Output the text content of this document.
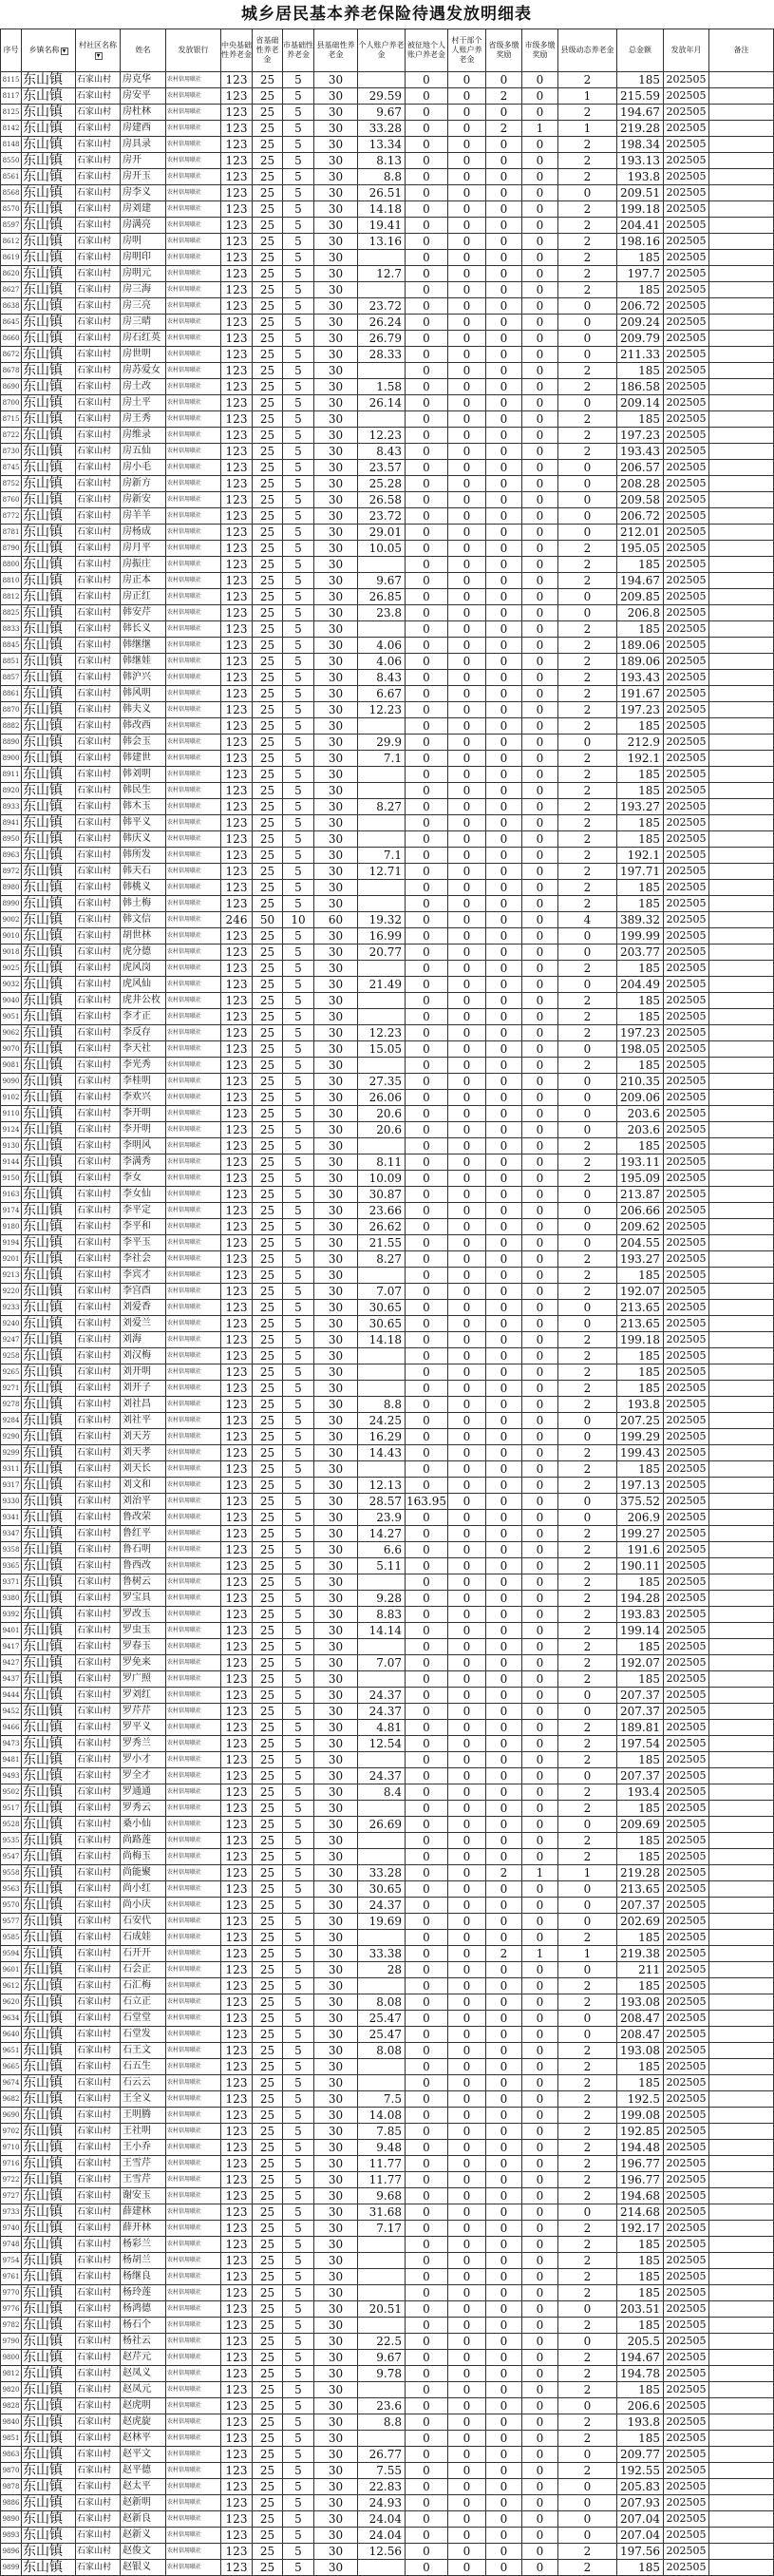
城乡居民基本养老保险待遇发放明细表
序号	乡镇名称 ▼	村社区名称▼	姓名	发放银行	中央基础性养老金	省基础性养老金	市基础性养老金	县基础性养老金	个人账户养老金	被征地个人账户养老金	村干部个人账户养老金	省级多缴奖励	市级多缴奖励	县级动态养老金	总金额	发放年月	备注
8115	东山镇	石家山村	房克华	农村信用联社	123	25	5	30		0	0	0	0	2	185	202505	
8117	东山镇	石家山村	房安平	农村信用联社	123	25	5	30	29.59	0	0	2	0	1	215.59	202505	
8125	东山镇	石家山村	房杜林	农村信用联社	123	25	5	30	9.67	0	0	0	0	2	194.67	202505	
8142	东山镇	石家山村	房建西	农村信用联社	123	25	5	30	33.28	0	0	2	1	1	219.28	202505	
8148	东山镇	石家山村	房具录	农村信用联社	123	25	5	30	13.34	0	0	0	0	2	198.34	202505	
8550	东山镇	石家山村	房开	农村信用联社	123	25	5	30	8.13	0	0	0	0	2	193.13	202505	
8561	东山镇	石家山村	房开玉	农村信用联社	123	25	5	30	8.8	0	0	0	0	2	193.8	202505	
8568	东山镇	石家山村	房李义	农村信用联社	123	25	5	30	26.51	0	0	0	0	0	209.51	202505	
8570	东山镇	石家山村	房刘建	农村信用联社	123	25	5	30	14.18	0	0	0	0	2	199.18	202505	
8597	东山镇	石家山村	房满亮	农村信用联社	123	25	5	30	19.41	0	0	0	0	2	204.41	202505	
8612	东山镇	石家山村	房明	农村信用联社	123	25	5	30	13.16	0	0	0	0	2	198.16	202505	
8619	东山镇	石家山村	房明印	农村信用联社	123	25	5	30		0	0	0	0	2	185	202505	
8620	东山镇	石家山村	房明元	农村信用联社	123	25	5	30	12.7	0	0	0	0	2	197.7	202505	
8627	东山镇	石家山村	房三海	农村信用联社	123	25	5	30		0	0	0	0	2	185	202505	
8638	东山镇	石家山村	房三亮	农村信用联社	123	25	5	30	23.72	0	0	0	0	0	206.72	202505	
8645	东山镇	石家山村	房三晴	农村信用联社	123	25	5	30	26.24	0	0	0	0	0	209.24	202505	
8660	东山镇	石家山村	房石红英	农村信用联社	123	25	5	30	26.79	0	0	0	0	0	209.79	202505	
8672	东山镇	石家山村	房世明	农村信用联社	123	25	5	30	28.33	0	0	0	0	0	211.33	202505	
8678	东山镇	石家山村	房苏爱女	农村信用联社	123	25	5	30		0	0	0	0	2	185	202505	
8690	东山镇	石家山村	房土改	农村信用联社	123	25	5	30	1.58	0	0	0	0	2	186.58	202505	
8700	东山镇	石家山村	房土平	农村信用联社	123	25	5	30	26.14	0	0	0	0	0	209.14	202505	
8715	东山镇	石家山村	房王秀	农村信用联社	123	25	5	30		0	0	0	0	2	185	202505	
8722	东山镇	石家山村	房维录	农村信用联社	123	25	5	30	12.23	0	0	0	0	2	197.23	202505	
8730	东山镇	石家山村	房五仙	农村信用联社	123	25	5	30	8.43	0	0	0	0	2	193.43	202505	
8745	东山镇	石家山村	房小毛	农村信用联社	123	25	5	30	23.57	0	0	0	0	0	206.57	202505	
8752	东山镇	石家山村	房新方	农村信用联社	123	25	5	30	25.28	0	0	0	0	0	208.28	202505	
8760	东山镇	石家山村	房新安	农村信用联社	123	25	5	30	26.58	0	0	0	0	0	209.58	202505	
8772	东山镇	石家山村	房羊羊	农村信用联社	123	25	5	30	23.72	0	0	0	0	0	206.72	202505	
8781	东山镇	石家山村	房杨成	农村信用联社	123	25	5	30	29.01	0	0	0	0	0	212.01	202505	
8790	东山镇	石家山村	房月平	农村信用联社	123	25	5	30	10.05	0	0	0	0	2	195.05	202505	
8800	东山镇	石家山村	房振庄	农村信用联社	123	25	5	30		0	0	0	0	2	185	202505	
8810	东山镇	石家山村	房正本	农村信用联社	123	25	5	30	9.67	0	0	0	0	2	194.67	202505	
8812	东山镇	石家山村	房正红	农村信用联社	123	25	5	30	26.85	0	0	0	0	0	209.85	202505	
8825	东山镇	石家山村	韩安芹	农村信用联社	123	25	5	30	23.8	0	0	0	0	0	206.8	202505	
8833	东山镇	石家山村	韩长义	农村信用联社	123	25	5	30		0	0	0	0	2	185	202505	
8845	东山镇	石家山村	韩继继	农村信用联社	123	25	5	30	4.06	0	0	0	0	2	189.06	202505	
8851	东山镇	石家山村	韩继娃	农村信用联社	123	25	5	30	4.06	0	0	0	0	2	189.06	202505	
8857	东山镇	石家山村	韩沪兴	农村信用联社	123	25	5	30	8.43	0	0	0	0	2	193.43	202505	
8861	东山镇	石家山村	韩风明	农村信用联社	123	25	5	30	6.67	0	0	0	0	2	191.67	202505	
8870	东山镇	石家山村	韩夫义	农村信用联社	123	25	5	30	12.23	0	0	0	0	2	197.23	202505	
8882	东山镇	石家山村	韩改西	农村信用联社	123	25	5	30		0	0	0	0	2	185	202505	
8890	东山镇	石家山村	韩会玉	农村信用联社	123	25	5	30	29.9	0	0	0	0	0	212.9	202505	
8900	东山镇	石家山村	韩建世	农村信用联社	123	25	5	30	7.1	0	0	0	0	2	192.1	202505	
8911	东山镇	石家山村	韩刘明	农村信用联社	123	25	5	30		0	0	0	0	2	185	202505	
8920	东山镇	石家山村	韩民生	农村信用联社	123	25	5	30		0	0	0	0	2	185	202505	
8933	东山镇	石家山村	韩木玉	农村信用联社	123	25	5	30	8.27	0	0	0	0	2	193.27	202505	
8941	东山镇	石家山村	韩平义	农村信用联社	123	25	5	30		0	0	0	0	2	185	202505	
8950	东山镇	石家山村	韩庆义	农村信用联社	123	25	5	30		0	0	0	0	2	185	202505	
8963	东山镇	石家山村	韩所发	农村信用联社	123	25	5	30	7.1	0	0	0	0	2	192.1	202505	
8972	东山镇	石家山村	韩天石	农村信用联社	123	25	5	30	12.71	0	0	0	0	2	197.71	202505	
8980	东山镇	石家山村	韩桃义	农村信用联社	123	25	5	30		0	0	0	0	2	185	202505	
8990	东山镇	石家山村	韩土梅	农村信用联社	123	25	5	30		0	0	0	0	2	185	202505	
9002	东山镇	石家山村	韩文信	农村信用联社	246	50	10	60	19.32	0	0	0	0	4	389.32	202505	
9010	东山镇	石家山村	胡世林	农村信用联社	123	25	5	30	16.99	0	0	0	0	0	199.99	202505	
9018	东山镇	石家山村	虎分德	农村信用联社	123	25	5	30	20.77	0	0	0	0	0	203.77	202505	
9025	东山镇	石家山村	虎风岗	农村信用联社	123	25	5	30		0	0	0	0	2	185	202505	
9032	东山镇	石家山村	虎风仙	农村信用联社	123	25	5	30	21.49	0	0	0	0	0	204.49	202505	
9040	东山镇	石家山村	虎井公枚	农村信用联社	123	25	5	30		0	0	0	0	2	185	202505	
9051	东山镇	石家山村	李才正	农村信用联社	123	25	5	30		0	0	0	0	2	185	202505	
9062	东山镇	石家山村	李反存	农村信用联社	123	25	5	30	12.23	0	0	0	0	2	197.23	202505	
9070	东山镇	石家山村	李天社	农村信用联社	123	25	5	30	15.05	0	0	0	0	0	198.05	202505	
9081	东山镇	石家山村	李光秀	农村信用联社	123	25	5	30		0	0	0	0	2	185	202505	
9090	东山镇	石家山村	李桂明	农村信用联社	123	25	5	30	27.35	0	0	0	0	0	210.35	202505	
9102	东山镇	石家山村	李欢兴	农村信用联社	123	25	5	30	26.06	0	0	0	0	0	209.06	202505	
9110	东山镇	石家山村	李开明	农村信用联社	123	25	5	30	20.6	0	0	0	0	0	203.6	202505	
9124	东山镇	石家山村	李开明	农村信用联社	123	25	5	30	20.6	0	0	0	0	0	203.6	202505	
9130	东山镇	石家山村	李明风	农村信用联社	123	25	5	30		0	0	0	0	2	185	202505	
9144	东山镇	石家山村	李满秀	农村信用联社	123	25	5	30	8.11	0	0	0	0	2	193.11	202505	
9150	东山镇	石家山村	李女	农村信用联社	123	25	5	30	10.09	0	0	0	0	2	195.09	202505	
9163	东山镇	石家山村	李女仙	农村信用联社	123	25	5	30	30.87	0	0	0	0	0	213.87	202505	
9174	东山镇	石家山村	李平定	农村信用联社	123	25	5	30	23.66	0	0	0	0	0	206.66	202505	
9180	东山镇	石家山村	李平和	农村信用联社	123	25	5	30	26.62	0	0	0	0	0	209.62	202505	
9194	东山镇	石家山村	李平玉	农村信用联社	123	25	5	30	21.55	0	0	0	0	0	204.55	202505	
9201	东山镇	石家山村	李社会	农村信用联社	123	25	5	30	8.27	0	0	0	0	2	193.27	202505	
9213	东山镇	石家山村	李宾才	农村信用联社	123	25	5	30		0	0	0	0	2	185	202505	
9220	东山镇	石家山村	李宫酉	农村信用联社	123	25	5	30	7.07	0	0	0	0	2	192.07	202505	
9233	东山镇	石家山村	刘爱香	农村信用联社	123	25	5	30	30.65	0	0	0	0	0	213.65	202505	
9240	东山镇	石家山村	刘爱兰	农村信用联社	123	25	5	30	30.65	0	0	0	0	0	213.65	202505	
9247	东山镇	石家山村	刘海	农村信用联社	123	25	5	30	14.18	0	0	0	0	2	199.18	202505	
9258	东山镇	石家山村	刘汉梅	农村信用联社	123	25	5	30		0	0	0	0	2	185	202505	
9265	东山镇	石家山村	刘开明	农村信用联社	123	25	5	30		0	0	0	0	2	185	202505	
9271	东山镇	石家山村	刘开子	农村信用联社	123	25	5	30		0	0	0	0	2	185	202505	
9278	东山镇	石家山村	刘社昌	农村信用联社	123	25	5	30	8.8	0	0	0	0	2	193.8	202505	
9284	东山镇	石家山村	刘社平	农村信用联社	123	25	5	30	24.25	0	0	0	0	0	207.25	202505	
9290	东山镇	石家山村	刘天芳	农村信用联社	123	25	5	30	16.29	0	0	0	0	0	199.29	202505	
9299	东山镇	石家山村	刘天孝	农村信用联社	123	25	5	30	14.43	0	0	0	0	2	199.43	202505	
9311	东山镇	石家山村	刘天长	农村信用联社	123	25	5	30		0	0	0	0	2	185	202505	
9317	东山镇	石家山村	刘文和	农村信用联社	123	25	5	30	12.13	0	0	0	0	2	197.13	202505	
9330	东山镇	石家山村	刘治平	农村信用联社	123	25	5	30	28.57	163.95	0	0	0	0	375.52	202505	
9341	东山镇	石家山村	鲁改荣	农村信用联社	123	25	5	30	23.9	0	0	0	0	0	206.9	202505	
9347	东山镇	石家山村	鲁红平	农村信用联社	123	25	5	30	14.27	0	0	0	0	2	199.27	202505	
9358	东山镇	石家山村	鲁石明	农村信用联社	123	25	5	30	6.6	0	0	0	0	2	191.6	202505	
9365	东山镇	石家山村	鲁西改	农村信用联社	123	25	5	30	5.11	0	0	0	0	2	190.11	202505	
9371	东山镇	石家山村	鲁树云	农村信用联社	123	25	5	30		0	0	0	0	2	185	202505	
9380	东山镇	石家山村	罗宝具	农村信用联社	123	25	5	30	9.28	0	0	0	0	2	194.28	202505	
9392	东山镇	石家山村	罗改玉	农村信用联社	123	25	5	30	8.83	0	0	0	0	2	193.83	202505	
9401	东山镇	石家山村	罗虫玉	农村信用联社	123	25	5	30	14.14	0	0	0	0	2	199.14	202505	
9417	东山镇	石家山村	罗春玉	农村信用联社	123	25	5	30		0	0	0	0	2	185	202505	
9427	东山镇	石家山村	罗免来	农村信用联社	123	25	5	30	7.07	0	0	0	0	2	192.07	202505	
9437	东山镇	石家山村	罗广照	农村信用联社	123	25	5	30		0	0	0	0	2	185	202505	
9444	东山镇	石家山村	罗刘红	农村信用联社	123	25	5	30	24.37	0	0	0	0	0	207.37	202505	
9452	东山镇	石家山村	罗芹芹	农村信用联社	123	25	5	30	24.37	0	0	0	0	0	207.37	202505	
9466	东山镇	石家山村	罗平义	农村信用联社	123	25	5	30	4.81	0	0	0	0	2	189.81	202505	
9473	东山镇	石家山村	罗秀兰	农村信用联社	123	25	5	30	12.54	0	0	0	0	2	197.54	202505	
9481	东山镇	石家山村	罗小才	农村信用联社	123	25	5	30		0	0	0	0	2	185	202505	
9493	东山镇	石家山村	罗全才	农村信用联社	123	25	5	30	24.37	0	0	0	0	0	207.37	202505	
9502	东山镇	石家山村	罗通通	农村信用联社	123	25	5	30	8.4	0	0	0	0	2	193.4	202505	
9517	东山镇	石家山村	罗秀云	农村信用联社	123	25	5	30		0	0	0	0	2	185	202505	
9528	东山镇	石家山村	桑小仙	农村信用联社	123	25	5	30	26.69	0	0	0	0	0	209.69	202505	
9535	东山镇	石家山村	尚路莲	农村信用联社	123	25	5	30		0	0	0	0	2	185	202505	
9547	东山镇	石家山村	尚梅玉	农村信用联社	123	25	5	30		0	0	0	0	2	185	202505	
9558	东山镇	石家山村	尚能聚	农村信用联社	123	25	5	30	33.28	0	0	2	1	1	219.28	202505	
9563	东山镇	石家山村	尚小红	农村信用联社	123	25	5	30	30.65	0	0	0	0	0	213.65	202505	
9570	东山镇	石家山村	尚小庆	农村信用联社	123	25	5	30	24.37	0	0	0	0	0	207.37	202505	
9577	东山镇	石家山村	石安代	农村信用联社	123	25	5	30	19.69	0	0	0	0	0	202.69	202505	
9585	东山镇	石家山村	石成娃	农村信用联社	123	25	5	30		0	0	0	0	2	185	202505	
9594	东山镇	石家山村	石开开	农村信用联社	123	25	5	30	33.38	0	0	2	1	1	219.38	202505	
9601	东山镇	石家山村	石会正	农村信用联社	123	25	5	30	28	0	0	0	0	0	211	202505	
9612	东山镇	石家山村	石汇梅	农村信用联社	123	25	5	30		0	0	0	0	2	185	202505	
9620	东山镇	石家山村	石立正	农村信用联社	123	25	5	30	8.08	0	0	0	0	2	193.08	202505	
9634	东山镇	石家山村	石堂堂	农村信用联社	123	25	5	30	25.47	0	0	0	0	0	208.47	202505	
9640	东山镇	石家山村	石堂发	农村信用联社	123	25	5	30	25.47	0	0	0	0	0	208.47	202505	
9651	东山镇	石家山村	石王文	农村信用联社	123	25	5	30	8.08	0	0	0	0	2	193.08	202505	
9665	东山镇	石家山村	石五生	农村信用联社	123	25	5	30		0	0	0	0	2	185	202505	
9674	东山镇	石家山村	石云云	农村信用联社	123	25	5	30		0	0	0	0	2	185	202505	
9682	东山镇	石家山村	王全义	农村信用联社	123	25	5	30	7.5	0	0	0	0	2	192.5	202505	
9690	东山镇	石家山村	王明腾	农村信用联社	123	25	5	30	14.08	0	0	0	0	2	199.08	202505	
9702	东山镇	石家山村	王社明	农村信用联社	123	25	5	30	7.85	0	0	0	0	2	192.85	202505	
9710	东山镇	石家山村	王小乔	农村信用联社	123	25	5	30	9.48	0	0	0	0	2	194.48	202505	
9716	东山镇	石家山村	王雪芹	农村信用联社	123	25	5	30	11.77	0	0	0	0	2	196.77	202505	
9722	东山镇	石家山村	王雪芹	农村信用联社	123	25	5	30	11.77	0	0	0	0	2	196.77	202505	
9727	东山镇	石家山村	谢安玉	农村信用联社	123	25	5	30	9.68	0	0	0	0	2	194.68	202505	
9733	东山镇	石家山村	薛建林	农村信用联社	123	25	5	30	31.68	0	0	0	0	0	214.68	202505	
9740	东山镇	石家山村	薛开林	农村信用联社	123	25	5	30	7.17	0	0	0	0	2	192.17	202505	
9748	东山镇	石家山村	杨彩兰	农村信用联社	123	25	5	30		0	0	0	0	2	185	202505	
9754	东山镇	石家山村	杨胡兰	农村信用联社	123	25	5	30		0	0	0	0	2	185	202505	
9761	东山镇	石家山村	杨继良	农村信用联社	123	25	5	30		0	0	0	0	2	185	202505	
9770	东山镇	石家山村	杨玲莲	农村信用联社	123	25	5	30		0	0	0	0	2	185	202505	
9776	东山镇	石家山村	杨鸿德	农村信用联社	123	25	5	30	20.51	0	0	0	0	0	203.51	202505	
9782	东山镇	石家山村	杨石个	农村信用联社	123	25	5	30		0	0	0	0	2	185	202505	
9790	东山镇	石家山村	杨社云	农村信用联社	123	25	5	30	22.5	0	0	0	0	0	205.5	202505	
9800	东山镇	石家山村	赵芹元	农村信用联社	123	25	5	30	9.67	0	0	0	0	2	194.67	202505	
9812	东山镇	石家山村	赵凤义	农村信用联社	123	25	5	30	9.78	0	0	0	0	2	194.78	202505	
9820	东山镇	石家山村	赵凤元	农村信用联社	123	25	5	30		0	0	0	0	2	185	202505	
9828	东山镇	石家山村	赵虎明	农村信用联社	123	25	5	30	23.6	0	0	0	0	0	206.6	202505	
9840	东山镇	石家山村	赵虎旋	农村信用联社	123	25	5	30	8.8	0	0	0	0	2	193.8	202505	
9851	东山镇	石家山村	赵林平	农村信用联社	123	25	5	30		0	0	0	0	2	185	202505	
9863	东山镇	石家山村	赵平文	农村信用联社	123	25	5	30	26.77	0	0	0	0	0	209.77	202505	
9870	东山镇	石家山村	赵平德	农村信用联社	123	25	5	30	7.55	0	0	0	0	2	192.55	202505	
9878	东山镇	石家山村	赵太平	农村信用联社	123	25	5	30	22.83	0	0	0	0	0	205.83	202505	
9886	东山镇	石家山村	赵新明	农村信用联社	123	25	5	30	24.93	0	0	0	0	0	207.93	202505	
9890	东山镇	石家山村	赵新良	农村信用联社	123	25	5	30	24.04	0	0	0	0	0	207.04	202505	
9893	东山镇	石家山村	赵新义	农村信用联社	123	25	5	30	24.04	0	0	0	0	0	207.04	202505	
9896	东山镇	石家山村	赵俊文	农村信用联社	123	25	5	30	12.56	0	0	0	0	2	197.56	202505	
9899	东山镇	石家山村	赵银义	农村信用联社	123	25	5	30		0	0	0	0	2	185	202505	
